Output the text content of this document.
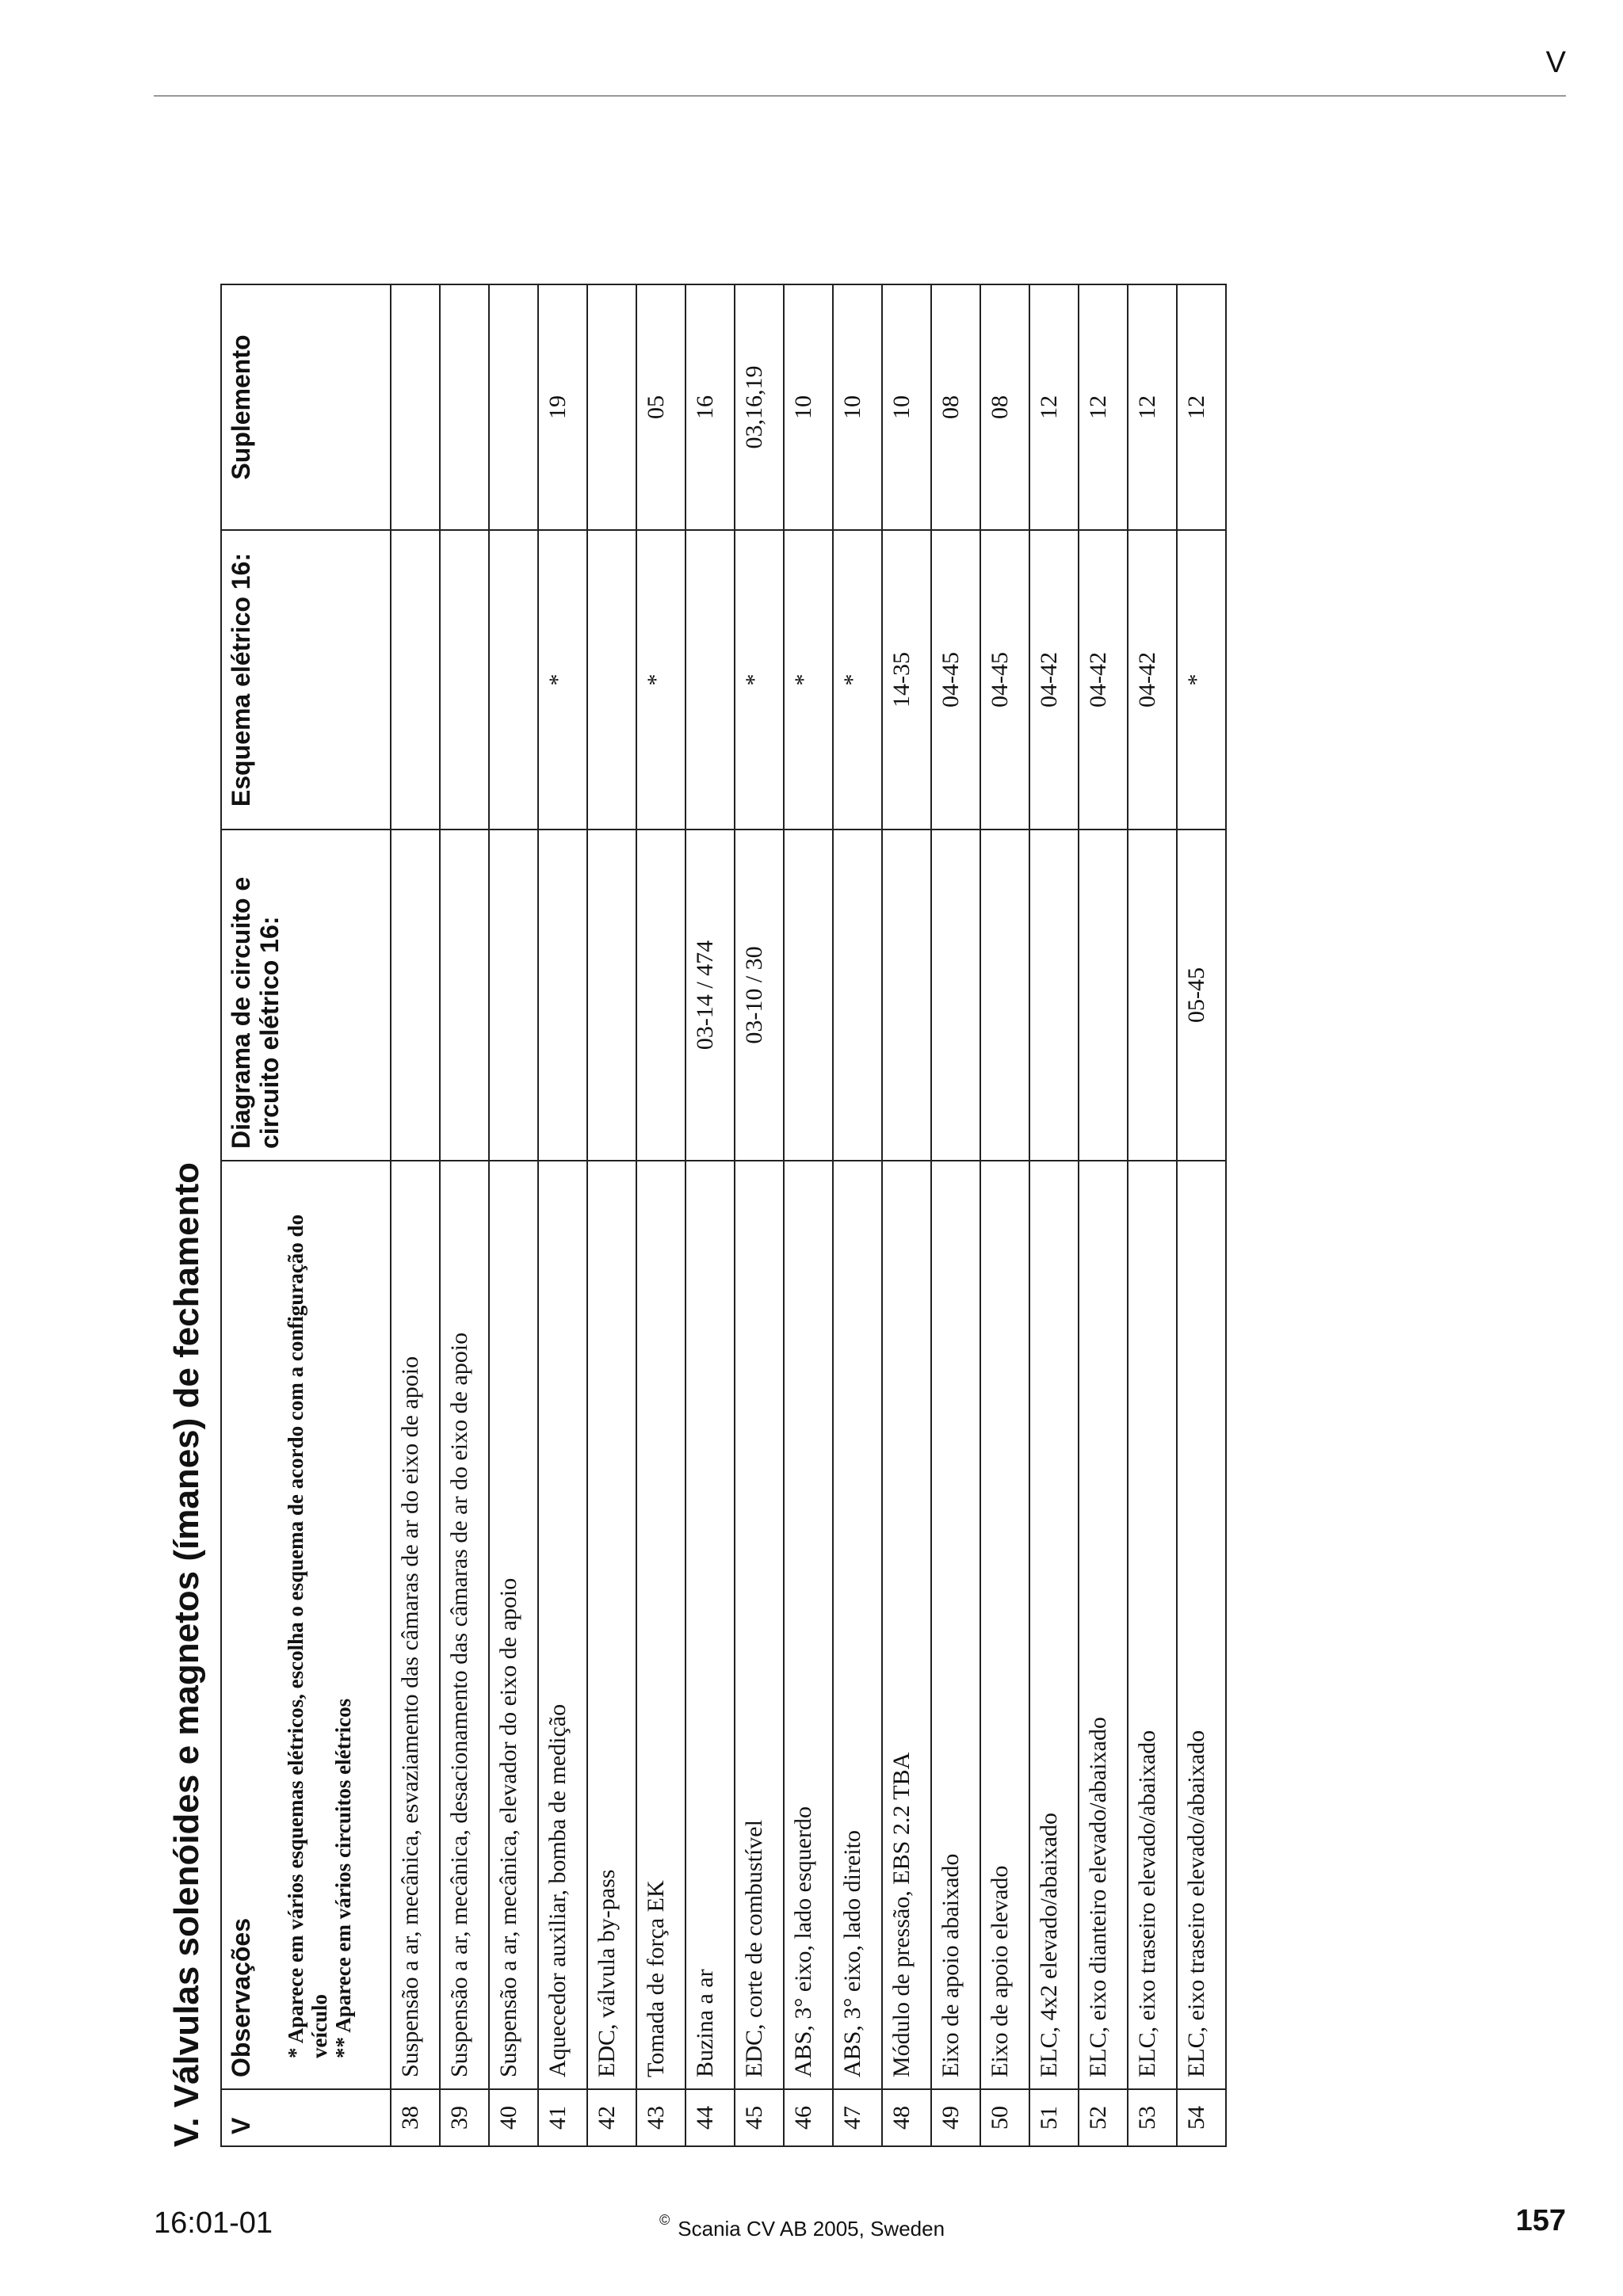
V
V. Válvulas solenóides e magnetos (ímanes) de fechamento V	Observações * Aparece em vários esquemas elétricos, escolha o esquema de acordo com a configuração do veículo ** Aparece em vários circuitos elétricos	Diagrama de circuito e circuito elétrico 16:	Esquema elétrico 16:	Suplemento
38	Suspensão a ar, mecânica, esvaziamento das câmaras de ar do eixo de apoio			
39	Suspensão a ar, mecânica, desacionamento das câmaras de ar do eixo de apoio			
40	Suspensão a ar, mecânica, elevador do eixo de apoio			
41	Aquecedor auxiliar, bomba de medição		*	19
42	EDC, válvula by-pass			
43	Tomada de força EK		*	05
44	Buzina a ar	03-14 / 474		16
45	EDC, corte de combustível	03-10 / 30	*	03,16,19
46	ABS, 3° eixo, lado esquerdo		*	10
47	ABS, 3° eixo, lado direito		*	10
48	Módulo de pressão, EBS 2.2 TBA		14-35	10
49	Eixo de apoio abaixado		04-45	08
50	Eixo de apoio elevado		04-45	08
51	ELC, 4x2 elevado/abaixado		04-42	12
52	ELC, eixo dianteiro elevado/abaixado		04-42	12
53	ELC, eixo traseiro elevado/abaixado		04-42	12
54	ELC, eixo traseiro elevado/abaixado	05-45	*	12
16:01-01	© Scania CV AB 2005, Sweden	157
